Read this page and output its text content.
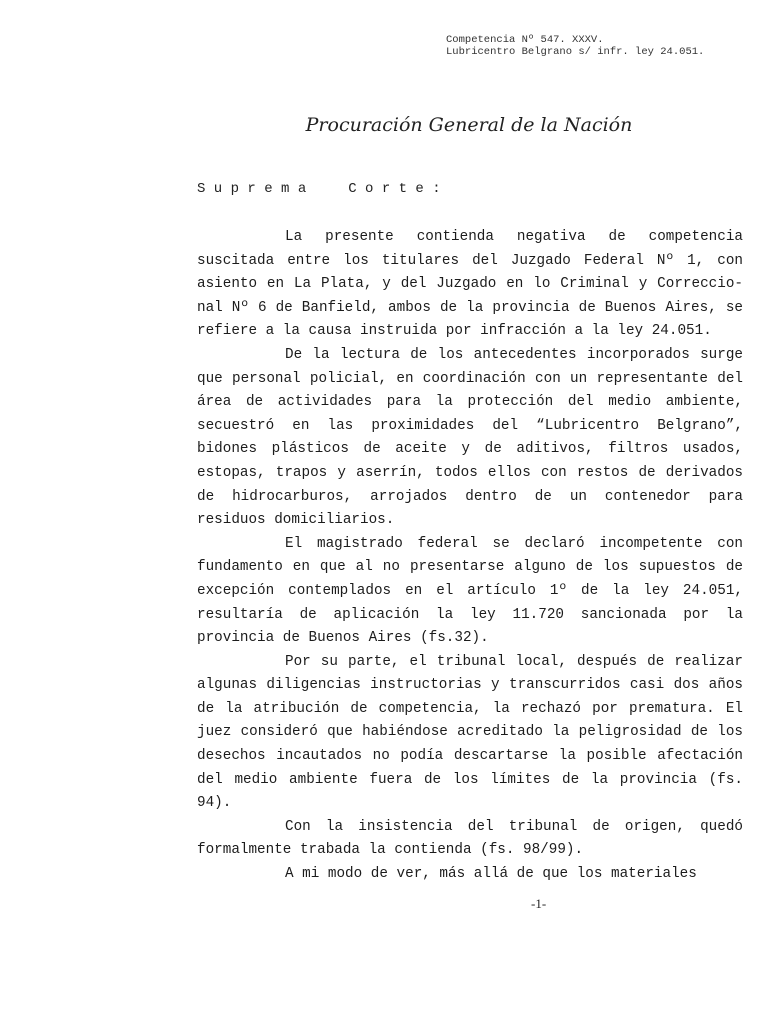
Competencia Nº 547. XXXV.
Lubricentro Belgrano s/ infr. ley 24.051.
Procuración General de la Nación
S u p r e m a     C o r t e :

La presente contienda negativa de competencia suscitada entre los titulares del Juzgado Federal Nº 1, con asiento en La Plata, y del Juzgado en lo Criminal y Correccional Nº 6 de Banfield, ambos de la provincia de Buenos Aires, se refiere a la causa instruida por infracción a la ley 24.051.

De la lectura de los antecedentes incorporados surge que personal policial, en coordinación con un representante del área de actividades para la protección del medio ambiente, secuestró en las proximidades del “Lubricentro Belgrano”, bidones plásticos de aceite y de aditivos, filtros usados, estopas, trapos y aserrín, todos ellos con restos de derivados de hidrocarburos, arrojados dentro de un contenedor para residuos domiciliarios.

El magistrado federal se declaró incompetente con fundamento en que al no presentarse alguno de los supuestos de excepción contemplados en el artículo 1º de la ley 24.051, resultaría de aplicación la ley 11.720 sancionada por la provincia de Buenos Aires (fs.32).

Por su parte, el tribunal local, después de realizar algunas diligencias instructorias y transcurridos casi dos años de la atribución de competencia, la rechazó por prematura. El juez consideró que habiéndose acreditado la peligrosidad de los desechos incautados no podía descartarse la posible afectación del medio ambiente fuera de los límites de la provincia (fs. 94).

Con la insistencia del tribunal de origen, quedó formalmente trabada la contienda (fs. 98/99).

A mi modo de ver, más allá de que los materiales

-1-
